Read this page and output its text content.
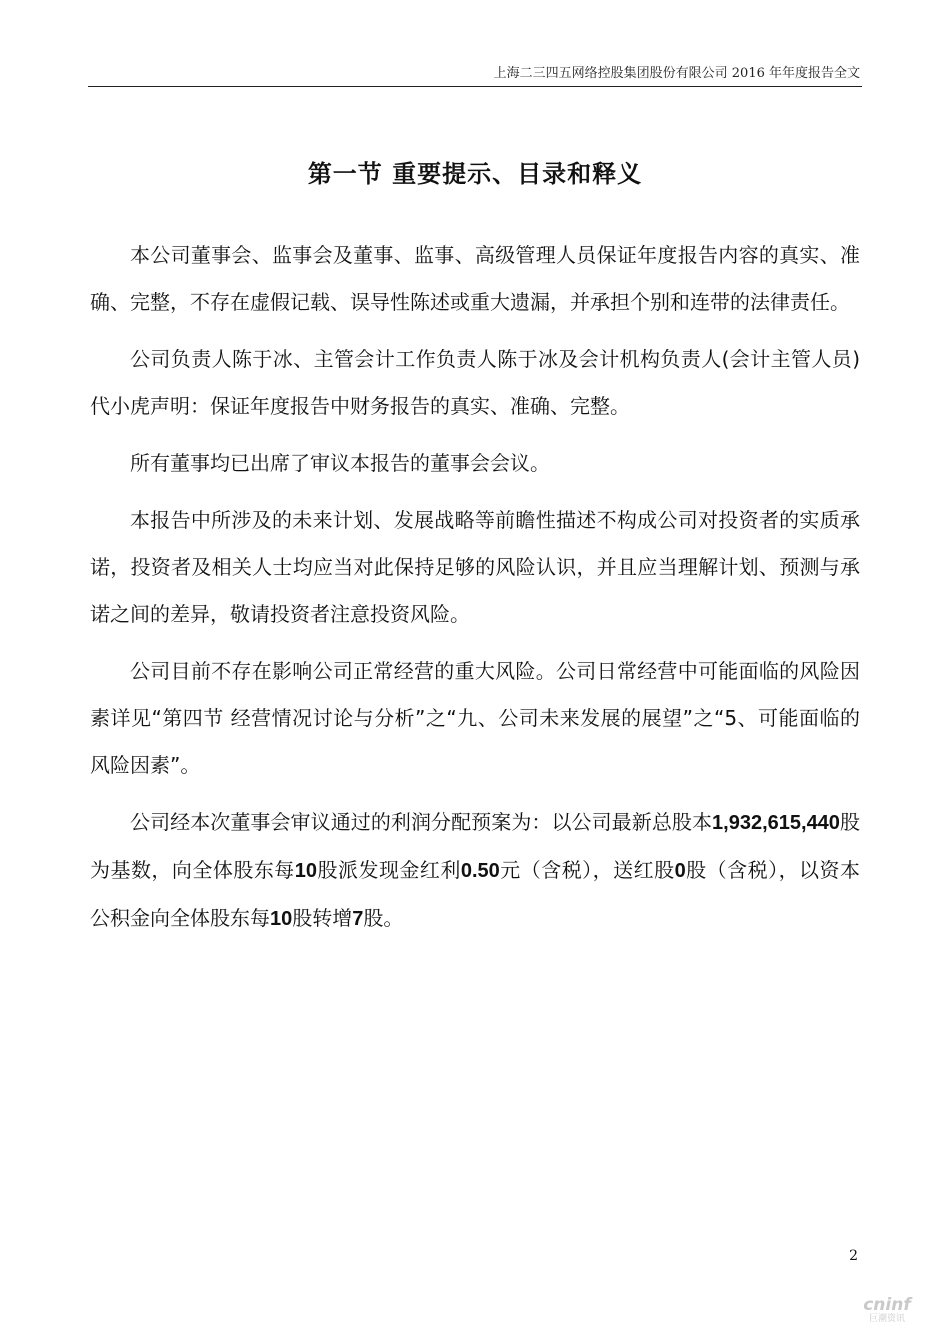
上海二三四五网络控股集团股份有限公司 2016 年年度报告全文
第一节 重要提示、目录和释义

本公司董事会、监事会及董事、监事、高级管理人员保证年度报告内容的真实、准确、完整，不存在虚假记载、误导性陈述或重大遗漏，并承担个别和连带的法律责任。

公司负责人陈于冰、主管会计工作负责人陈于冰及会计机构负责人(会计主管人员)代小虎声明：保证年度报告中财务报告的真实、准确、完整。

所有董事均已出席了审议本报告的董事会会议。

本报告中所涉及的未来计划、发展战略等前瞻性描述不构成公司对投资者的实质承诺，投资者及相关人士均应当对此保持足够的风险认识，并且应当理解计划、预测与承诺之间的差异，敬请投资者注意投资风险。

公司目前不存在影响公司正常经营的重大风险。公司日常经营中可能面临的风险因素详见“第四节 经营情况讨论与分析”之“九、公司未来发展的展望”之“5、可能面临的风险因素”。

公司经本次董事会审议通过的利润分配预案为：以公司最新总股本1,932,615,440股为基数，向全体股东每10股派发现金红利0.50元（含税），送红股0股（含税），以资本公积金向全体股东每10股转增7股。

2
cninf
巨潮资讯
